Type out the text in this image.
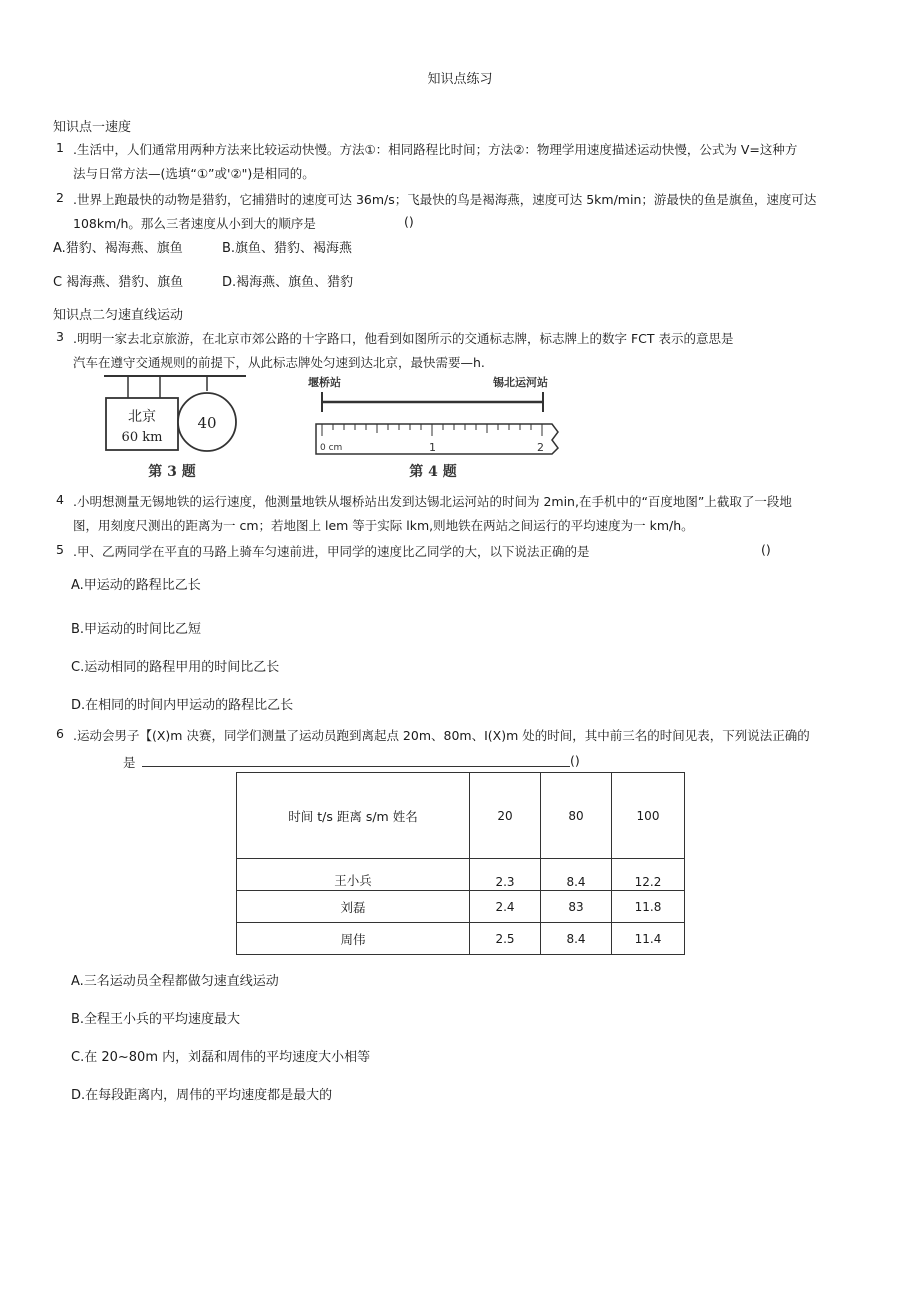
知识点练习
知识点一速度
1 .生活中，人们通常用两种方法来比较运动快慢。方法①：相同路程比时间；方法②：物理学用速度描述运动快慢，公式为 V=这种方
法与日常方法—(选填“①”或'②")是相同的。
2 .世界上跑最快的动物是猎豹，它捕猎时的速度可达 36m/s；飞最快的鸟是褐海燕，速度可达 5km/min；游最快的鱼是旗鱼，速度可达
108km/h。那么三者速度从小到大的顺序是	()
A.猎豹、褐海燕、旗鱼	B.旗鱼、猎豹、褐海燕
C 褐海燕、猎豹、旗鱼	D.褐海燕、旗鱼、猎豹
知识点二匀速直线运动
3 .明明一家去北京旅游，在北京市郊公路的十字路口，他看到如图所示的交通标志牌，标志牌上的数字 FCT 表示的意思是
汽车在遵守交通规则的前提下，从此标志牌处匀速到达北京，最快需要—h.
北京
60 km
40
第 3 题
堰桥站	锡北运河站
0 cm	1	2
第 4 题
4 .小明想测量无锡地铁的运行速度，他测量地铁从堰桥站出发到达锡北运河站的时间为 2min,在手机中的“百度地图”上截取了一段地
图，用刻度尺测出的距离为一 cm；若地图上 lem 等于实际 lkm,则地铁在两站之间运行的平均速度为一 km/h。
5 .甲、乙两同学在平直的马路上骑车匀速前进，甲同学的速度比乙同学的大，以下说法正确的是	()
A.甲运动的路程比乙长
B.甲运动的时间比乙短
C.运动相同的路程甲用的时间比乙长
D.在相同的时间内甲运动的路程比乙长
6 .运动会男子【(X)m 决赛，同学们测量了运动员跑到离起点 20m、80m、I(X)m 处的时间，其中前三名的时间见表，下列说法正确的
是	()
时间 t/s 距离 s/m 姓名	20	80	100
王小兵	2.3	8.4	12.2
刘磊	2.4	83	11.8
周伟	2.5	8.4	11.4
A.三名运动员全程都做匀速直线运动
B.全程王小兵的平均速度最大
C.在 20~80m 内，刘磊和周伟的平均速度大小相等
D.在每段距离内，周伟的平均速度都是最大的
